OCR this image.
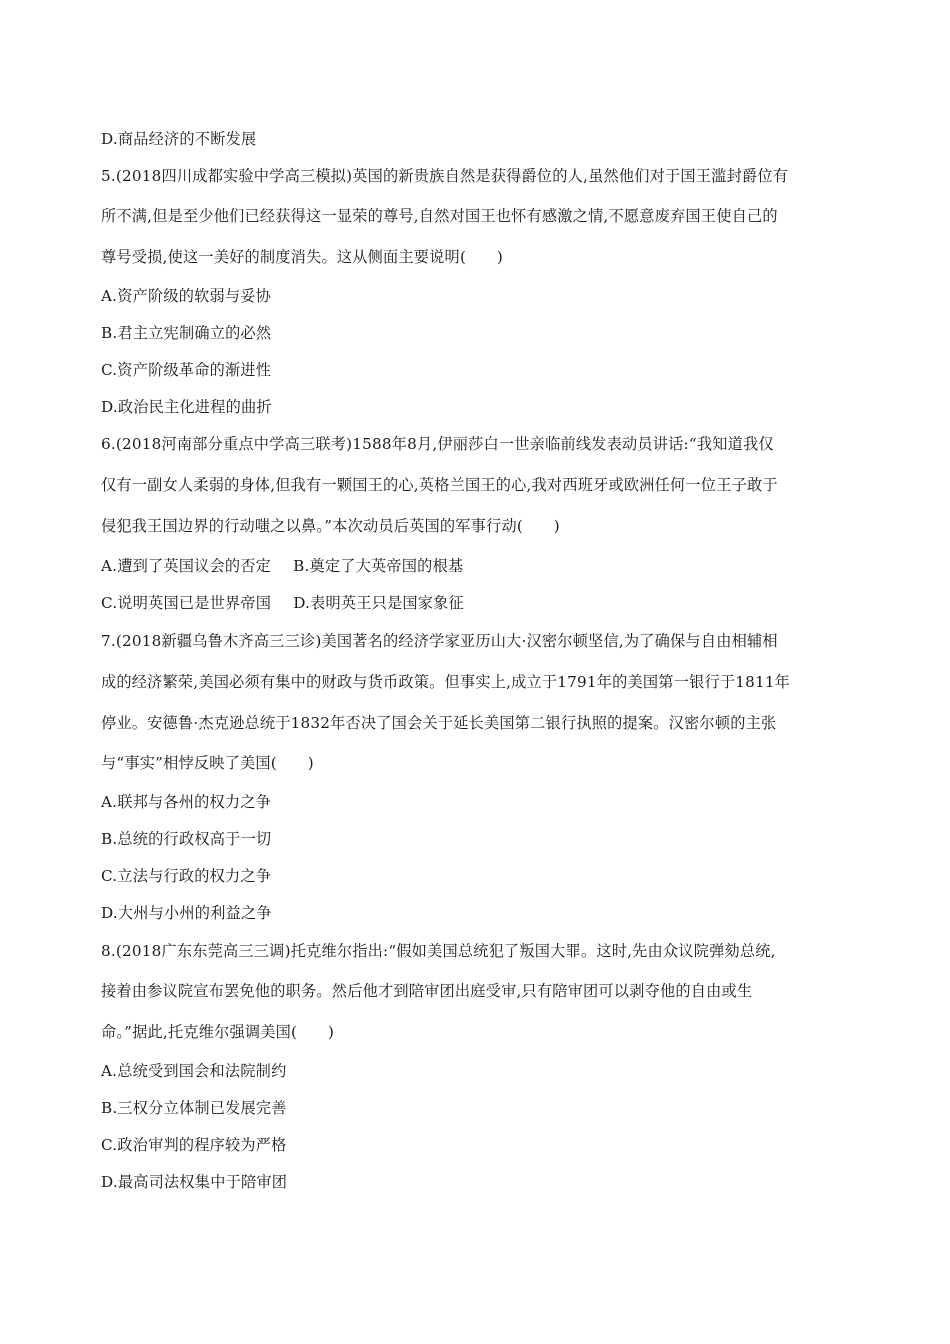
D.商品经济的不断发展
5.(2018四川成都实验中学高三模拟)英国的新贵族自然是获得爵位的人,虽然他们对于国王滥封爵位有
所不满,但是至少他们已经获得这一显荣的尊号,自然对国王也怀有感激之情,不愿意废弃国王使自己的
尊号受损,使这一美好的制度消失。这从侧面主要说明(　　)
A.资产阶级的软弱与妥协
B.君主立宪制确立的必然
C.资产阶级革命的渐进性
D.政治民主化进程的曲折
6.(2018河南部分重点中学高三联考)1588年8月,伊丽莎白一世亲临前线发表动员讲话:“我知道我仅
仅有一副女人柔弱的身体,但我有一颗国王的心,英格兰国王的心,我对西班牙或欧洲任何一位王子敢于
侵犯我王国边界的行动嗤之以鼻。”本次动员后英国的军事行动(　　)
A.遭到了英国议会的否定 B.奠定了大英帝国的根基
C.说明英国已是世界帝国 D.表明英王只是国家象征
7.(2018新疆乌鲁木齐高三三诊)美国著名的经济学家亚历山大·汉密尔顿坚信,为了确保与自由相辅相
成的经济繁荣,美国必须有集中的财政与货币政策。但事实上,成立于1791年的美国第一银行于1811年
停业。安德鲁·杰克逊总统于1832年否决了国会关于延长美国第二银行执照的提案。汉密尔顿的主张
与“事实”相悖反映了美国(　　)
A.联邦与各州的权力之争
B.总统的行政权高于一切
C.立法与行政的权力之争
D.大州与小州的利益之争
8.(2018广东东莞高三三调)托克维尔指出:“假如美国总统犯了叛国大罪。这时,先由众议院弹劾总统,
接着由参议院宣布罢免他的职务。然后他才到陪审团出庭受审,只有陪审团可以剥夺他的自由或生
命。”据此,托克维尔强调美国(　　)
A.总统受到国会和法院制约
B.三权分立体制已发展完善
C.政治审判的程序较为严格
D.最高司法权集中于陪审团
